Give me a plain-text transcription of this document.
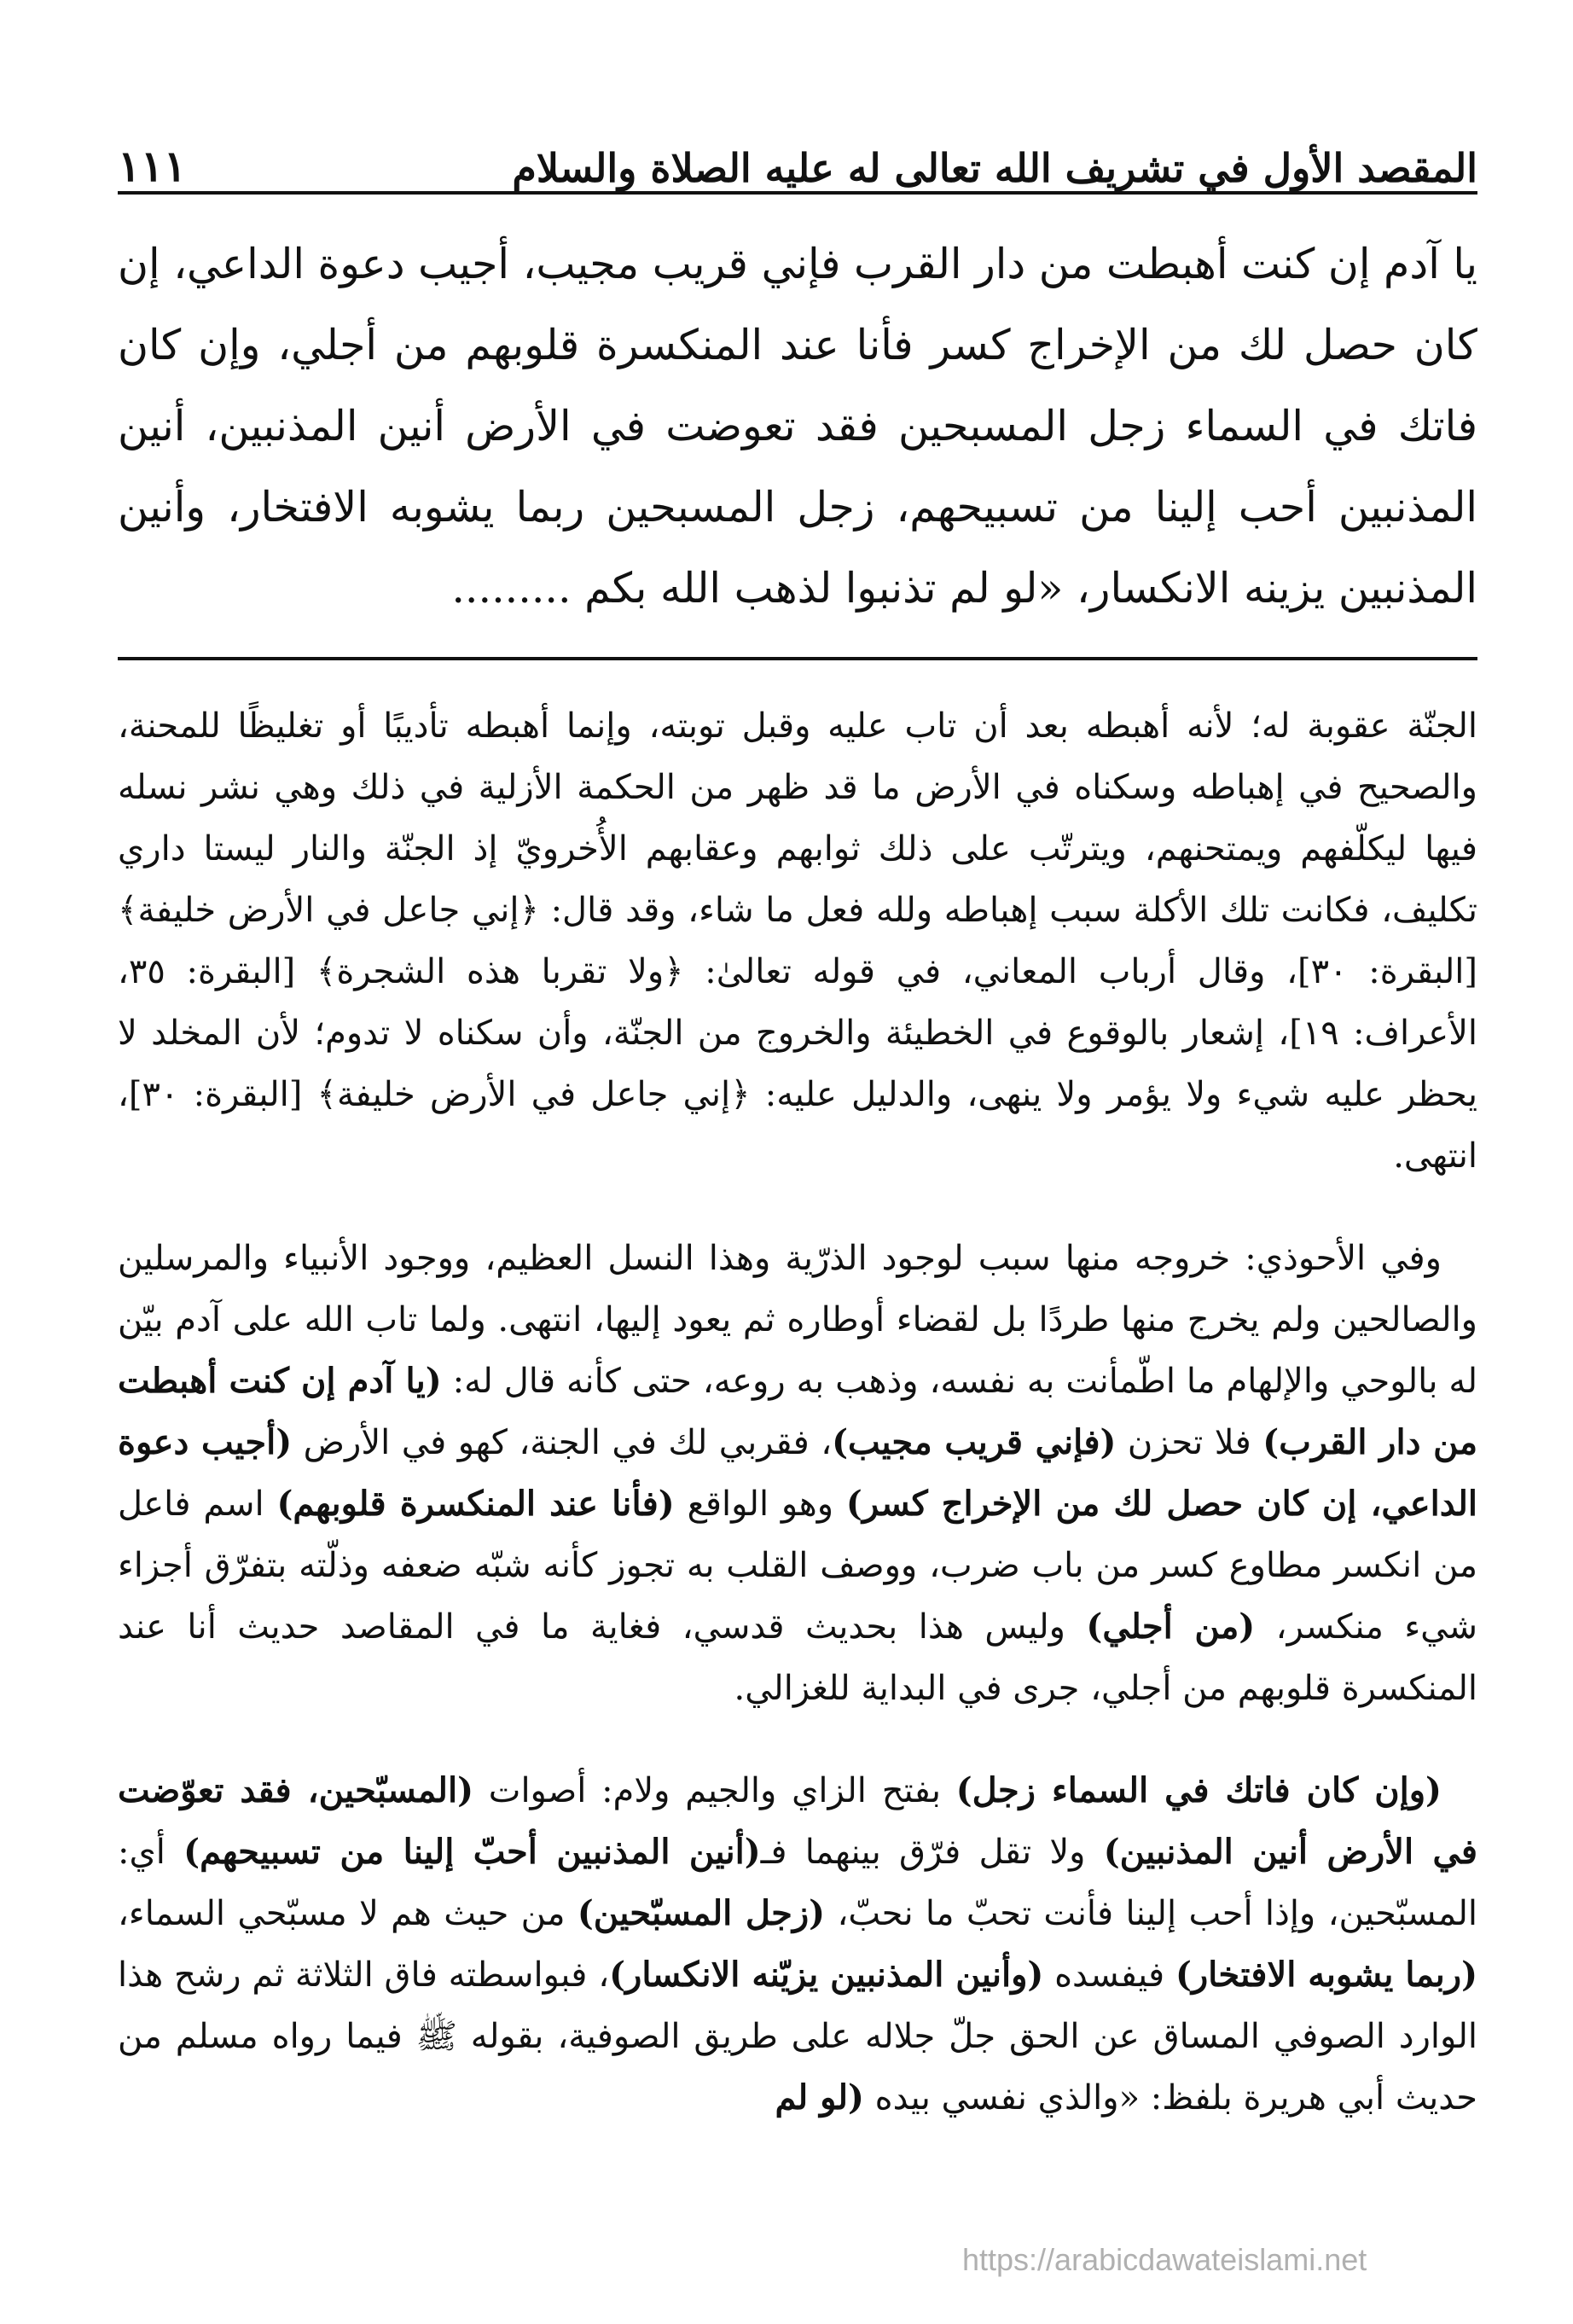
المقصد الأول في تشريف الله تعالى له عليه الصلاة والسلام
١١١

يا آدم إن كنت أهبطت من دار القرب فإني قريب مجيب، أجيب دعوة الداعي، إن كان حصل لك من الإخراج كسر فأنا عند المنكسرة قلوبهم من أجلي، وإن كان فاتك في السماء زجل المسبحين فقد تعوضت في الأرض أنين المذنبين، أنين المذنبين أحب إلينا من تسبيحهم، زجل المسبحين ربما يشوبه الافتخار، وأنين المذنبين يزينه الانكسار، «لو لم تذنبوا لذهب الله بكم .........

الجنّة عقوبة له؛ لأنه أهبطه بعد أن تاب عليه وقبل توبته، وإنما أهبطه تأديبًا أو تغليظًا للمحنة، والصحيح في إهباطه وسكناه في الأرض ما قد ظهر من الحكمة الأزلية في ذلك وهي نشر نسله فيها ليكلّفهم ويمتحنهم، ويترتّب على ذلك ثوابهم وعقابهم الأُخرويّ إذ الجنّة والنار ليستا داري تكليف، فكانت تلك الأكلة سبب إهباطه ولله فعل ما شاء، وقد قال: ﴿إني جاعل في الأرض خليفة﴾ [البقرة: ٣٠]، وقال أرباب المعاني، في قوله تعالىٰ: ﴿ولا تقربا هذه الشجرة﴾ [البقرة: ٣٥، الأعراف: ١٩]، إشعار بالوقوع في الخطيئة والخروج من الجنّة، وأن سكناه لا تدوم؛ لأن المخلد لا يحظر عليه شيء ولا يؤمر ولا ينهى، والدليل عليه: ﴿إني جاعل في الأرض خليفة﴾ [البقرة: ٣٠]، انتهى.

وفي الأحوذي: خروجه منها سبب لوجود الذرّية وهذا النسل العظيم، ووجود الأنبياء والمرسلين والصالحين ولم يخرج منها طردًا بل لقضاء أوطاره ثم يعود إليها، انتهى. ولما تاب الله على آدم بيّن له بالوحي والإلهام ما اطّمأنت به نفسه، وذهب به روعه، حتى كأنه قال له: (يا آدم إن كنت أهبطت من دار القرب) فلا تحزن (فإني قريب مجيب)، فقربي لك في الجنة، كهو في الأرض (أجيب دعوة الداعي، إن كان حصل لك من الإخراج كسر) وهو الواقع (فأنا عند المنكسرة قلوبهم) اسم فاعل من انكسر مطاوع كسر من باب ضرب، ووصف القلب به تجوز كأنه شبّه ضعفه وذلّته بتفرّق أجزاء شيء منكسر، (من أجلي) وليس هذا بحديث قدسي، فغاية ما في المقاصد حديث أنا عند المنكسرة قلوبهم من أجلي، جرى في البداية للغزالي.

(وإن كان فاتك في السماء زجل) بفتح الزاي والجيم ولام: أصوات (المسبّحين، فقد تعوّضت في الأرض أنين المذنبين) ولا تقل فرّق بينهما فـ(أنين المذنبين أحبّ إلينا من تسبيحهم) أي: المسبّحين، وإذا أحب إلينا فأنت تحبّ ما نحبّ، (زجل المسبّحين) من حيث هم لا مسبّحي السماء، (ربما يشوبه الافتخار) فيفسده (وأنين المذنبين يزيّنه الانكسار)، فبواسطته فاق الثلاثة ثم رشح هذا الوارد الصوفي المساق عن الحق جلّ جلاله على طريق الصوفية، بقوله ﷺ فيما رواه مسلم من حديث أبي هريرة بلفظ: «والذي نفسي بيده (لو لم

https://arabicdawateislami.net
